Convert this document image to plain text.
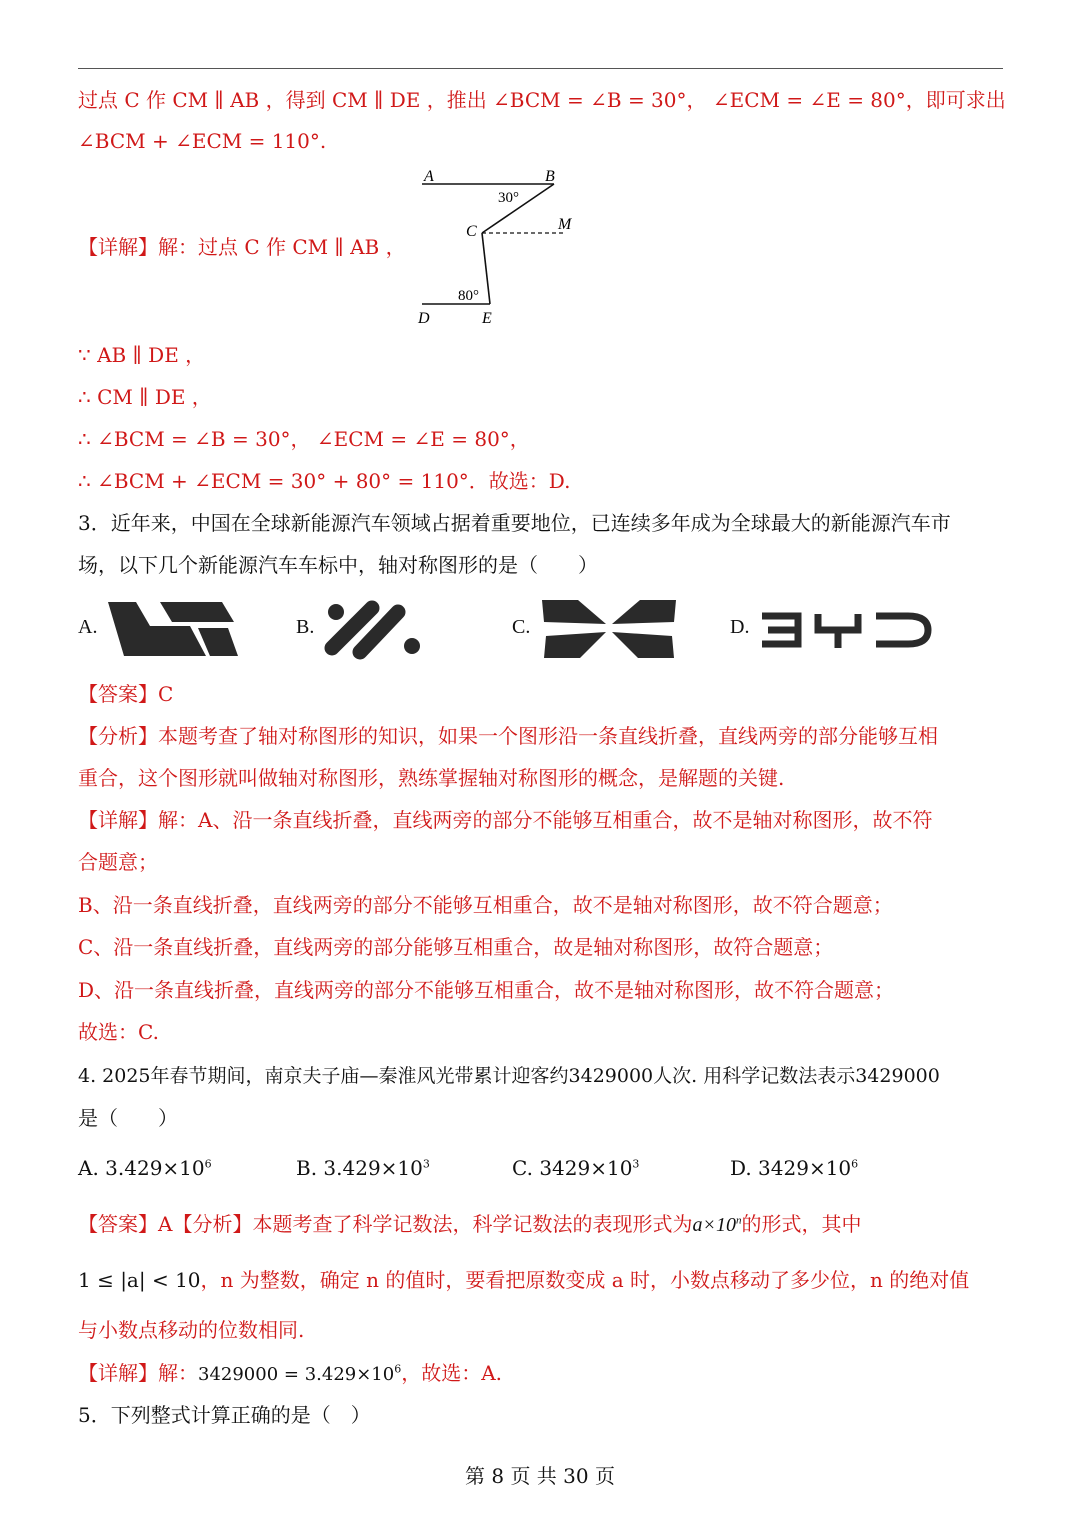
过点 C 作 CM ∥ AB ，得到 CM ∥ DE ，推出 ∠BCM = ∠B = 30°， ∠ECM = ∠E = 80°，即可求出
∠BCM + ∠ECM = 110°.
【详解】解：过点 C 作 CM ∥ AB ，
A	B
30°
C	M
80°
D	E
∵ AB ∥ DE ，
∴ CM ∥ DE ，
∴ ∠BCM = ∠B = 30°， ∠ECM = ∠E = 80°，
∴ ∠BCM + ∠ECM = 30° + 80° = 110°．故选：D.
3．近年来，中国在全球新能源汽车领域占据着重要地位，已连续多年成为全球最大的新能源汽车市
场，以下几个新能源汽车车标中，轴对称图形的是（　　）
A.	B.	C.	D.
【答案】C
【分析】本题考查了轴对称图形的知识，如果一个图形沿一条直线折叠，直线两旁的部分能够互相
重合，这个图形就叫做轴对称图形，熟练掌握轴对称图形的概念，是解题的关键.
【详解】解：A、沿一条直线折叠，直线两旁的部分不能够互相重合，故不是轴对称图形，故不符
合题意；
B、沿一条直线折叠，直线两旁的部分不能够互相重合，故不是轴对称图形，故不符合题意；
C、沿一条直线折叠，直线两旁的部分能够互相重合，故是轴对称图形，故符合题意；
D、沿一条直线折叠，直线两旁的部分不能够互相重合，故不是轴对称图形，故不符合题意；
故选：C.
4. 2025年春节期间，南京夫子庙—秦淮风光带累计迎客约3429000人次. 用科学记数法表示3429000
是（　　）
A. $3.429\times 10^6$	B. $3.429\times 10^3$	C. $3429\times 10^3$	D. $3429\times 10^6$
【答案】A【分析】本题考查了科学记数法，科学记数法的表现形式为$a\times 10^n$的形式，其中
1 ≤ |a| < 10，n 为整数，确定 n 的值时，要看把原数变成 a 时，小数点移动了多少位，n 的绝对值
与小数点移动的位数相同.
【详解】解：$3429000 = 3.429\times 10^6$，故选：A.
5．下列整式计算正确的是（　）
第 8 页 共 30 页
